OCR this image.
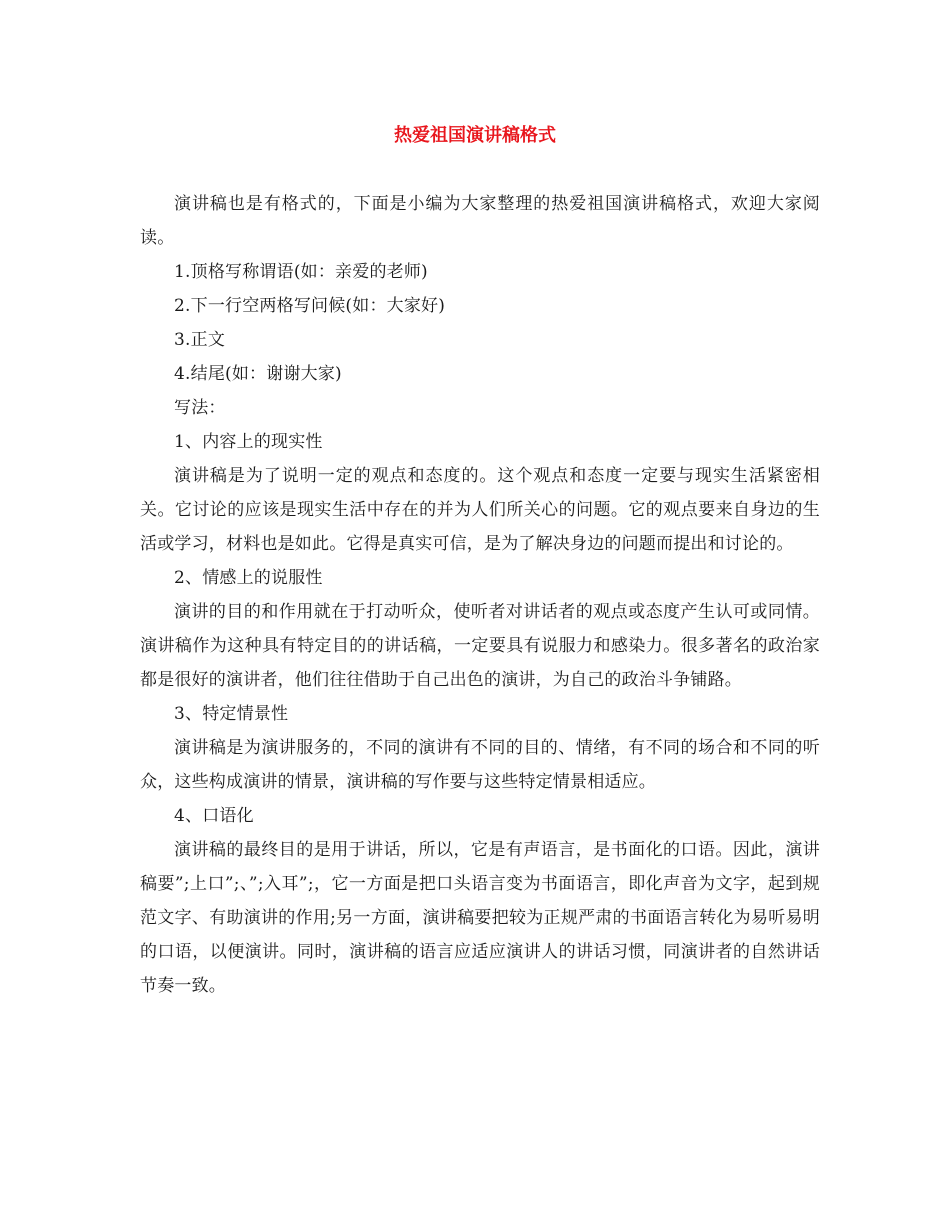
热爱祖国演讲稿格式

演讲稿也是有格式的，下面是小编为大家整理的热爱祖国演讲稿格式，欢迎大家阅读。

1.顶格写称谓语(如：亲爱的老师)

2.下一行空两格写问候(如：大家好)

3.正文

4.结尾(如：谢谢大家)

写法：

1、内容上的现实性

演讲稿是为了说明一定的观点和态度的。这个观点和态度一定要与现实生活紧密相关。它讨论的应该是现实生活中存在的并为人们所关心的问题。它的观点要来自身边的生活或学习，材料也是如此。它得是真实可信，是为了解决身边的问题而提出和讨论的。

2、情感上的说服性

演讲的目的和作用就在于打动听众，使听者对讲话者的观点或态度产生认可或同情。演讲稿作为这种具有特定目的的讲话稿，一定要具有说服力和感染力。很多著名的政治家都是很好的演讲者，他们往往借助于自己出色的演讲，为自己的政治斗争铺路。

3、特定情景性

演讲稿是为演讲服务的，不同的演讲有不同的目的、情绪，有不同的场合和不同的听众，这些构成演讲的情景，演讲稿的写作要与这些特定情景相适应。

4、口语化

演讲稿的最终目的是用于讲话，所以，它是有声语言，是书面化的口语。因此，演讲稿要”;上口”;、”;入耳”;，它一方面是把口头语言变为书面语言，即化声音为文字，起到规范文字、有助演讲的作用;另一方面，演讲稿要把较为正规严肃的书面语言转化为易听易明的口语，以便演讲。同时，演讲稿的语言应适应演讲人的讲话习惯，同演讲者的自然讲话节奏一致。
